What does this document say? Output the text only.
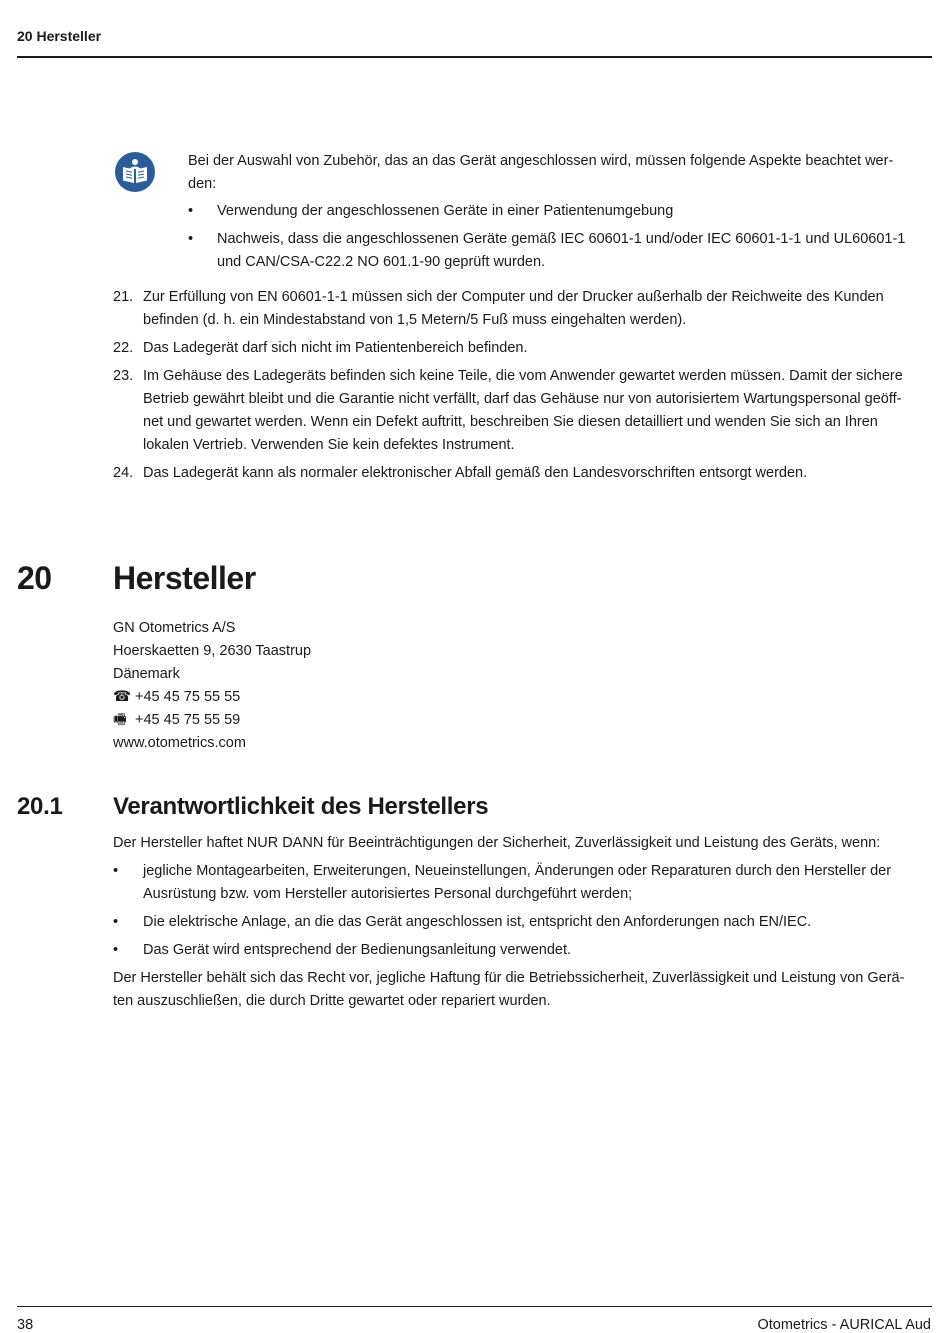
20 Hersteller

Bei der Auswahl von Zubehör, das an das Gerät angeschlossen wird, müssen folgende Aspekte beachtet wer-den:

• Verwendung der angeschlossenen Geräte in einer Patientenumgebung
• Nachweis, dass die angeschlossenen Geräte gemäß IEC 60601-1 und/oder IEC 60601-1-1 und UL60601-1 und CAN/CSA-C22.2 NO 601.1-90 geprüft wurden.
21. Zur Erfüllung von EN 60601-1-1 müssen sich der Computer und der Drucker außerhalb der Reichweite des Kunden befinden (d. h. ein Mindestabstand von 1,5 Metern/5 Fuß muss eingehalten werden).
22. Das Ladegerät darf sich nicht im Patientenbereich befinden.
23. Im Gehäuse des Ladegeräts befinden sich keine Teile, die vom Anwender gewartet werden müssen. Damit der sichere Betrieb gewährt bleibt und die Garantie nicht verfällt, darf das Gehäuse nur von autorisiertem Wartungspersonal geöff-net und gewartet werden. Wenn ein Defekt auftritt, beschreiben Sie diesen detailliert und wenden Sie sich an Ihren lokalen Vertrieb. Verwenden Sie kein defektes Instrument.
24. Das Ladegerät kann als normaler elektronischer Abfall gemäß den Landesvorschriften entsorgt werden.
20 Hersteller
GN Otometrics A/S
Hoerskaetten 9, 2630 Taastrup
Dänemark
☎ +45 45 75 55 55
🖷 +45 45 75 55 59
www.otometrics.com
20.1 Verantwortlichkeit des Herstellers

Der Hersteller haftet NUR DANN für Beeinträchtigungen der Sicherheit, Zuverlässigkeit und Leistung des Geräts, wenn:

• jegliche Montagearbeiten, Erweiterungen, Neueinstellungen, Änderungen oder Reparaturen durch den Hersteller der Ausrüstung bzw. vom Hersteller autorisiertes Personal durchgeführt werden;
• Die elektrische Anlage, an die das Gerät angeschlossen ist, entspricht den Anforderungen nach EN/IEC.
• Das Gerät wird entsprechend der Bedienungsanleitung verwendet.

Der Hersteller behält sich das Recht vor, jegliche Haftung für die Betriebssicherheit, Zuverlässigkeit und Leistung von Gerä-ten auszuschließen, die durch Dritte gewartet oder repariert wurden.

38	Otometrics - AURICAL Aud
